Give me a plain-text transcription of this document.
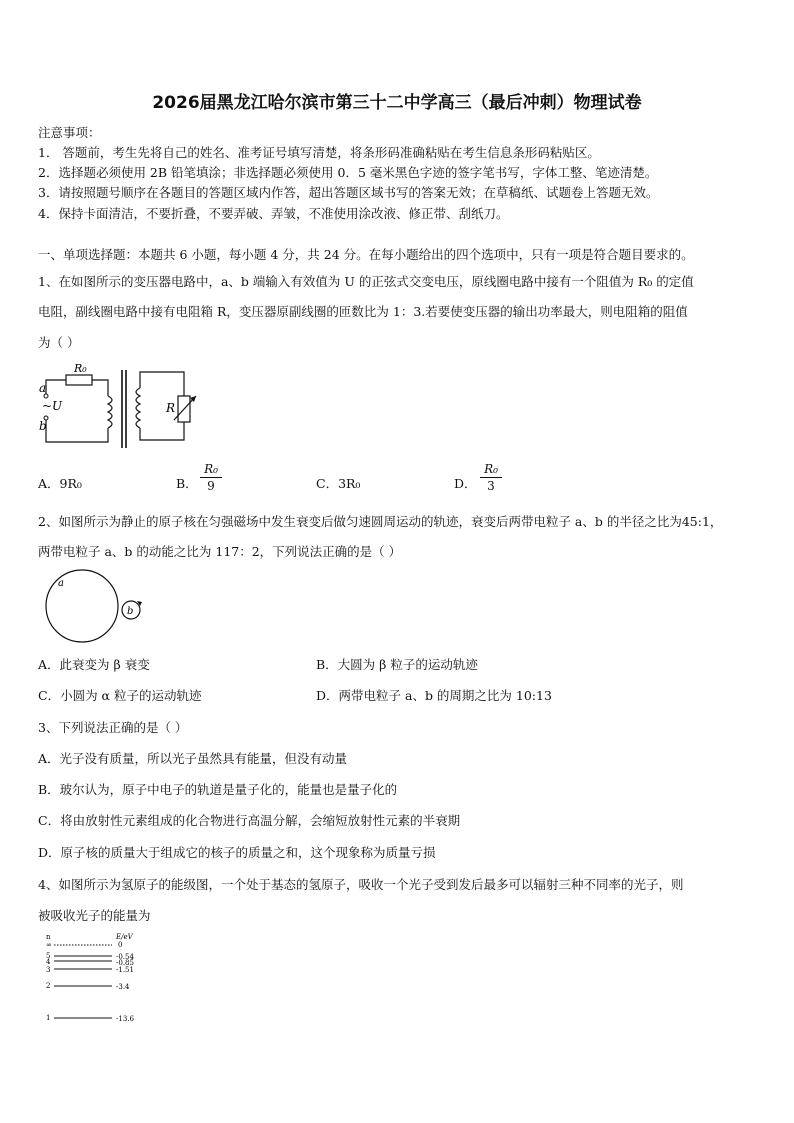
2026届黑龙江哈尔滨市第三十二中学高三（最后冲刺）物理试卷
注意事项：
1． 答题前，考生先将自己的姓名、准考证号填写清楚，将条形码准确粘贴在考生信息条形码粘贴区。
2．选择题必须使用 2B 铅笔填涂；非选择题必须使用 0．5 毫米黑色字迹的签字笔书写，字体工整、笔迹清楚。
3．请按照题号顺序在各题目的答题区域内作答，超出答题区域书写的答案无效；在草稿纸、试题卷上答题无效。
4．保持卡面清洁，不要折叠，不要弄破、弄皱，不准使用涂改液、修正带、刮纸刀。
一、单项选择题：本题共 6 小题，每小题 4 分，共 24 分。在每小题给出的四个选项中，只有一项是符合题目要求的。
1、在如图所示的变压器电路中，a、b 端输入有效值为 U 的正弦式交变电压，原线圈电路中接有一个阻值为 R₀ 的定值
电阻，副线圈电路中接有电阻箱 R，变压器原副线圈的匝数比为 1：3.若要使变压器的输出功率最大，则电阻箱的阻值
为（ ）
a
b
~U
R₀
R
A．9R₀	B． $\frac{\text{R₀}}{9}$	C．3R₀	D． $\frac{\text{R₀}}{3}$
2、如图所示为静止的原子核在匀强磁场中发生衰变后做匀速圆周运动的轨迹，衰变后两带电粒子 a、b 的半径之比为45:1，
两带电粒子 a、b 的动能之比为 117：2，下列说法正确的是（ ）
a
b
A．此衰变为 β 衰变	B．大圆为 β 粒子的运动轨迹
C．小圆为 α 粒子的运动轨迹	D．两带电粒子 a、b 的周期之比为 10:13
3、下列说法正确的是（ ）
A．光子没有质量，所以光子虽然具有能量，但没有动量
B．玻尔认为，原子中电子的轨道是量子化的，能量也是量子化的
C．将由放射性元素组成的化合物进行高温分解，会缩短放射性元素的半衰期
D．原子核的质量大于组成它的核子的质量之和，这个现象称为质量亏损
4、如图所示为氢原子的能级图，一个处于基态的氢原子，吸收一个光子受到发后最多可以辐射三种不同率的光子，则
被吸收光子的能量为
n	E/eV
∞	0
5	-0.54
4	-0.85
3	-1.51
2	-3.4
1	-13.6
